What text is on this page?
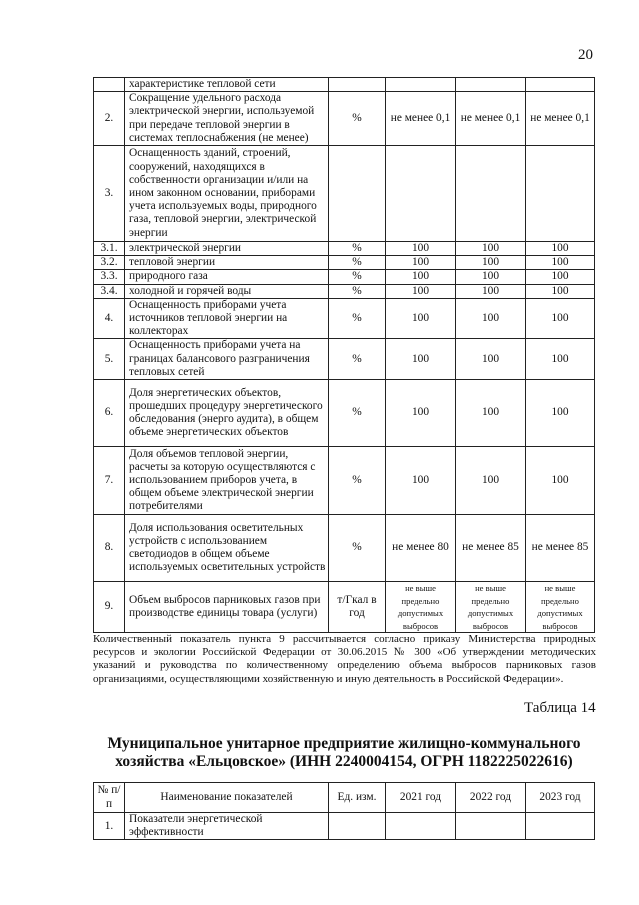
20
	характеристике тепловой сети				
2.	Сокращение удельного расхода электрической энергии, используемой при передаче тепловой энергии в системах теплоснабжения (не менее)	%	не менее 0,1	не менее 0,1	не менее 0,1
3.	Оснащенность зданий, строений, сооружений, находящихся в собственности организации и/или на ином законном основании, приборами учета используемых воды, природного газа, тепловой энергии, электрической энергии				
3.1.	электрической энергии	%	100	100	100
3.2.	тепловой энергии	%	100	100	100
3.3.	природного газа	%	100	100	100
3.4.	холодной и горячей воды	%	100	100	100
4.	Оснащенность приборами учета источников тепловой энергии на коллекторах	%	100	100	100
5.	Оснащенность приборами учета на границах балансового разграничения тепловых сетей	%	100	100	100
6.	Доля энергетических объектов, прошедших процедуру энергетического обследования (энерго аудита), в общем объеме энергетических объектов	%	100	100	100
7.	Доля объемов тепловой энергии, расчеты за которую осуществляются с использованием приборов учета, в общем объеме электрической энергии потребителями	%	100	100	100
8.	Доля использования осветительных устройств с использованием светодиодов в общем объеме используемых осветительных устройств	%	не менее 80	не менее 85	не менее 85
9.	Объем выбросов парниковых газов при производстве единицы товара (услуги)	т/Гкал в год	не выше предельно допустимых выбросов	не выше предельно допустимых выбросов	не выше предельно допустимых выбросов
Количественный показатель пункта 9 рассчитывается согласно приказу Министерства природных ресурсов и экологии Российской Федерации от 30.06.2015 № 300 «Об утверждении методических указаний и руководства по количественному определению объема выбросов парниковых газов организациями, осуществляющими хозяйственную и иную деятельность в Российской Федерации».
Таблица 14
Муниципальное унитарное предприятие жилищно-коммунального хозяйства «Ельцовское» (ИНН 2240004154, ОГРН 1182225022616)
№ п/п	Наименование показателей	Ед. изм.	2021 год	2022 год	2023 год
1.	Показатели энергетической эффективности				
